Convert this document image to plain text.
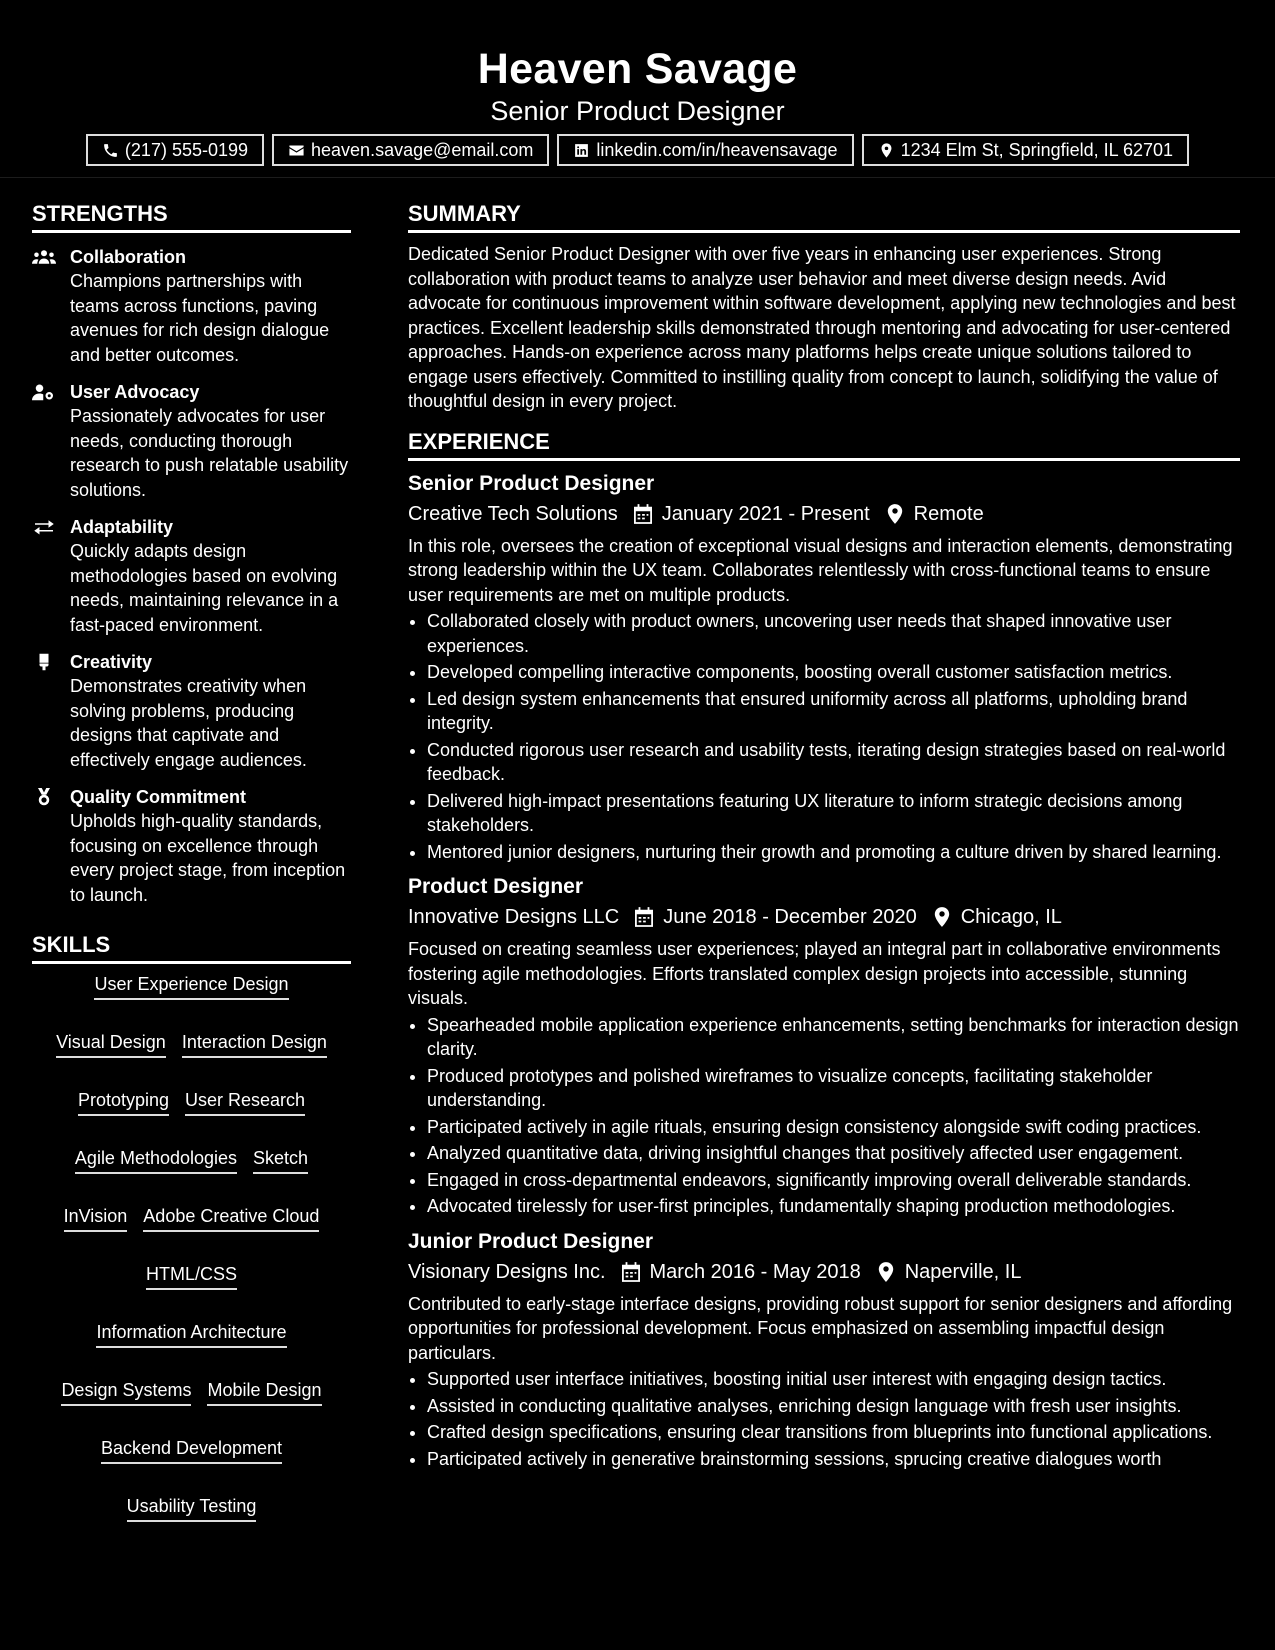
Heaven Savage
Senior Product Designer
(217) 555-0199	heaven.savage@email.com	linkedin.com/in/heavensavage	1234 Elm St, Springfield, IL 62701
STRENGTHS
Collaboration
Champions partnerships with teams across functions, paving avenues for rich design dialogue and better outcomes.
User Advocacy
Passionately advocates for user needs, conducting thorough research to push relatable usability solutions.
Adaptability
Quickly adapts design methodologies based on evolving needs, maintaining relevance in a fast-paced environment.
Creativity
Demonstrates creativity when solving problems, producing designs that captivate and effectively engage audiences.
Quality Commitment
Upholds high-quality standards, focusing on excellence through every project stage, from inception to launch.
SKILLS
User Experience Design
Visual Design Interaction Design
Prototyping User Research
Agile Methodologies Sketch
InVision Adobe Creative Cloud
HTML/CSS
Information Architecture
Design Systems Mobile Design
Backend Development
Usability Testing
SUMMARY
Dedicated Senior Product Designer with over five years in enhancing user experiences. Strong collaboration with product teams to analyze user behavior and meet diverse design needs. Avid advocate for continuous improvement within software development, applying new technologies and best practices. Excellent leadership skills demonstrated through mentoring and advocating for user-centered approaches. Hands-on experience across many platforms helps create unique solutions tailored to engage users effectively. Committed to instilling quality from concept to launch, solidifying the value of thoughtful design in every project.
EXPERIENCE
Senior Product Designer
Creative Tech Solutions January 2021 - Present Remote
In this role, oversees the creation of exceptional visual designs and interaction elements, demonstrating strong leadership within the UX team. Collaborates relentlessly with cross-functional teams to ensure user requirements are met on multiple products.
• Collaborated closely with product owners, uncovering user needs that shaped innovative user experiences.
• Developed compelling interactive components, boosting overall customer satisfaction metrics.
• Led design system enhancements that ensured uniformity across all platforms, upholding brand integrity.
• Conducted rigorous user research and usability tests, iterating design strategies based on real-world feedback.
• Delivered high-impact presentations featuring UX literature to inform strategic decisions among stakeholders.
• Mentored junior designers, nurturing their growth and promoting a culture driven by shared learning.
Product Designer
Innovative Designs LLC June 2018 - December 2020 Chicago, IL
Focused on creating seamless user experiences; played an integral part in collaborative environments fostering agile methodologies. Efforts translated complex design projects into accessible, stunning visuals.
• Spearheaded mobile application experience enhancements, setting benchmarks for interaction design clarity.
• Produced prototypes and polished wireframes to visualize concepts, facilitating stakeholder understanding.
• Participated actively in agile rituals, ensuring design consistency alongside swift coding practices.
• Analyzed quantitative data, driving insightful changes that positively affected user engagement.
• Engaged in cross-departmental endeavors, significantly improving overall deliverable standards.
• Advocated tirelessly for user-first principles, fundamentally shaping production methodologies.
Junior Product Designer
Visionary Designs Inc. March 2016 - May 2018 Naperville, IL
Contributed to early-stage interface designs, providing robust support for senior designers and affording opportunities for professional development. Focus emphasized on assembling impactful design particulars.
• Supported user interface initiatives, boosting initial user interest with engaging design tactics.
• Assisted in conducting qualitative analyses, enriching design language with fresh user insights.
• Crafted design specifications, ensuring clear transitions from blueprints into functional applications.
• Participated actively in generative brainstorming sessions, sprucing creative dialogues worth
